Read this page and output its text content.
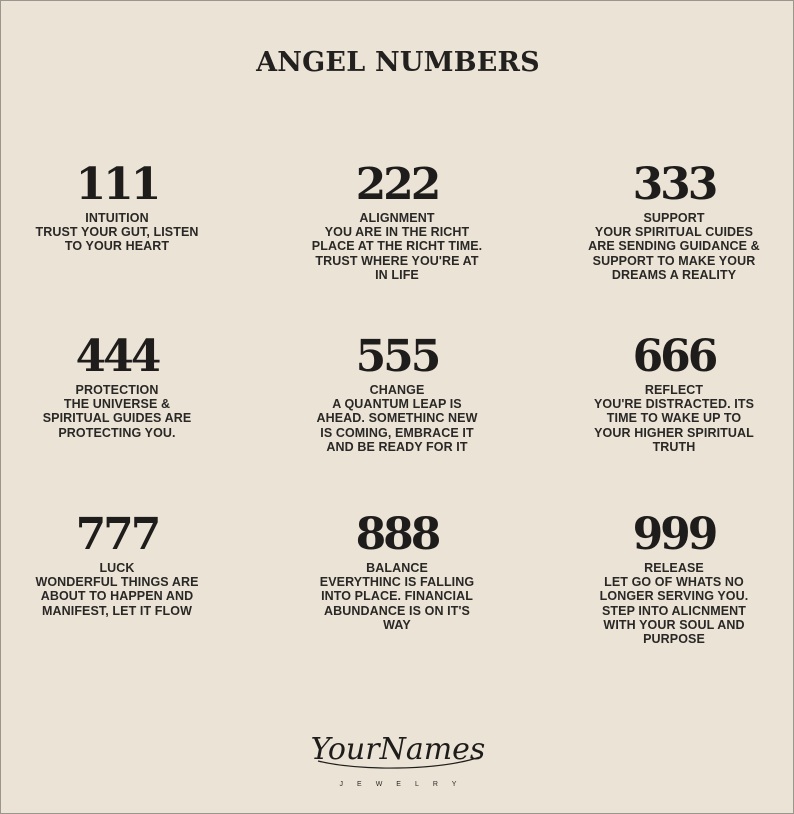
ANGEL NUMBERS
111
INTUITION
TRUST YOUR GUT, LISTEN
TO YOUR HEART
222
ALIGNMENT
YOU ARE IN THE RICHT
PLACE AT THE RICHT TIME.
TRUST WHERE YOU'RE AT
IN LIFE
333
SUPPORT
YOUR SPIRITUAL CUIDES
ARE SENDING GUIDANCE &
SUPPORT TO MAKE YOUR
DREAMS A REALITY
444
PROTECTION
THE UNIVERSE &
SPIRITUAL GUIDES ARE
PROTECTING YOU.
555
CHANGE
A QUANTUM LEAP IS
AHEAD. SOMETHINC NEW
IS COMING, EMBRACE IT
AND BE READY FOR IT
666
REFLECT
YOU'RE DISTRACTED. ITS
TIME TO WAKE UP TO
YOUR HIGHER SPIRITUAL
TRUTH
777
LUCK
WONDERFUL THINGS ARE
ABOUT TO HAPPEN AND
MANIFEST, LET IT FLOW
888
BALANCE
EVERYTHINC IS FALLING
INTO PLACE. FINANCIAL
ABUNDANCE IS ON IT'S
WAY
999
RELEASE
LET GO OF WHATS NO
LONGER SERVING YOU.
STEP INTO ALICNMENT
WITH YOUR SOUL AND
PURPOSE
YourNames
JEWELRY
